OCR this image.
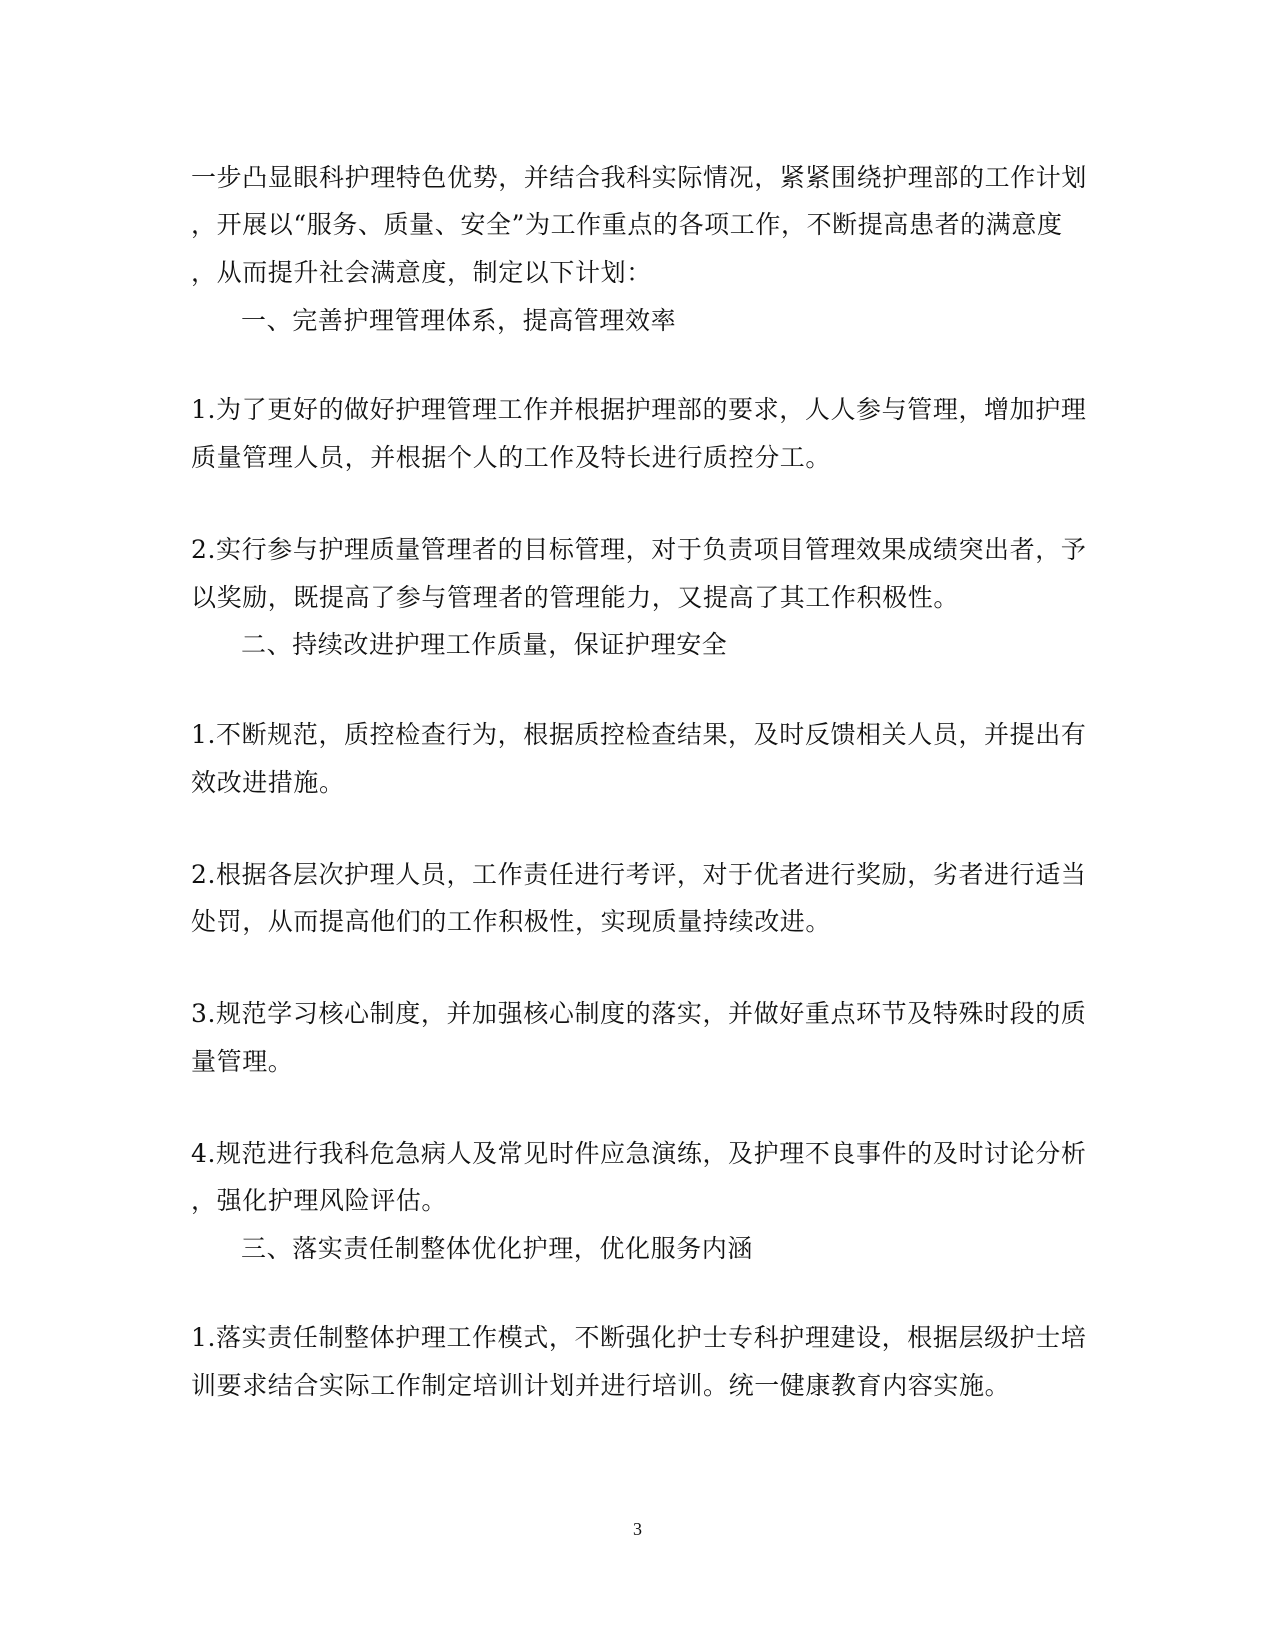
一步凸显眼科护理特色优势，并结合我科实际情况，紧紧围绕护理部的工作计划
，开展以“服务、质量、安全”为工作重点的各项工作，不断提高患者的满意度
，从而提升社会满意度，制定以下计划：
一、完善护理管理体系，提高管理效率
1.为了更好的做好护理管理工作并根据护理部的要求，人人参与管理，增加护理
质量管理人员，并根据个人的工作及特长进行质控分工。
2.实行参与护理质量管理者的目标管理，对于负责项目管理效果成绩突出者，予
以奖励，既提高了参与管理者的管理能力，又提高了其工作积极性。
二、持续改进护理工作质量，保证护理安全
1.不断规范，质控检查行为，根据质控检查结果，及时反馈相关人员，并提出有
效改进措施。
2.根据各层次护理人员，工作责任进行考评，对于优者进行奖励，劣者进行适当
处罚，从而提高他们的工作积极性，实现质量持续改进。
3.规范学习核心制度，并加强核心制度的落实，并做好重点环节及特殊时段的质
量管理。
4.规范进行我科危急病人及常见时件应急演练，及护理不良事件的及时讨论分析
，强化护理风险评估。
三、落实责任制整体优化护理，优化服务内涵
1.落实责任制整体护理工作模式，不断强化护士专科护理建设，根据层级护士培
训要求结合实际工作制定培训计划并进行培训。统一健康教育内容实施。
3
